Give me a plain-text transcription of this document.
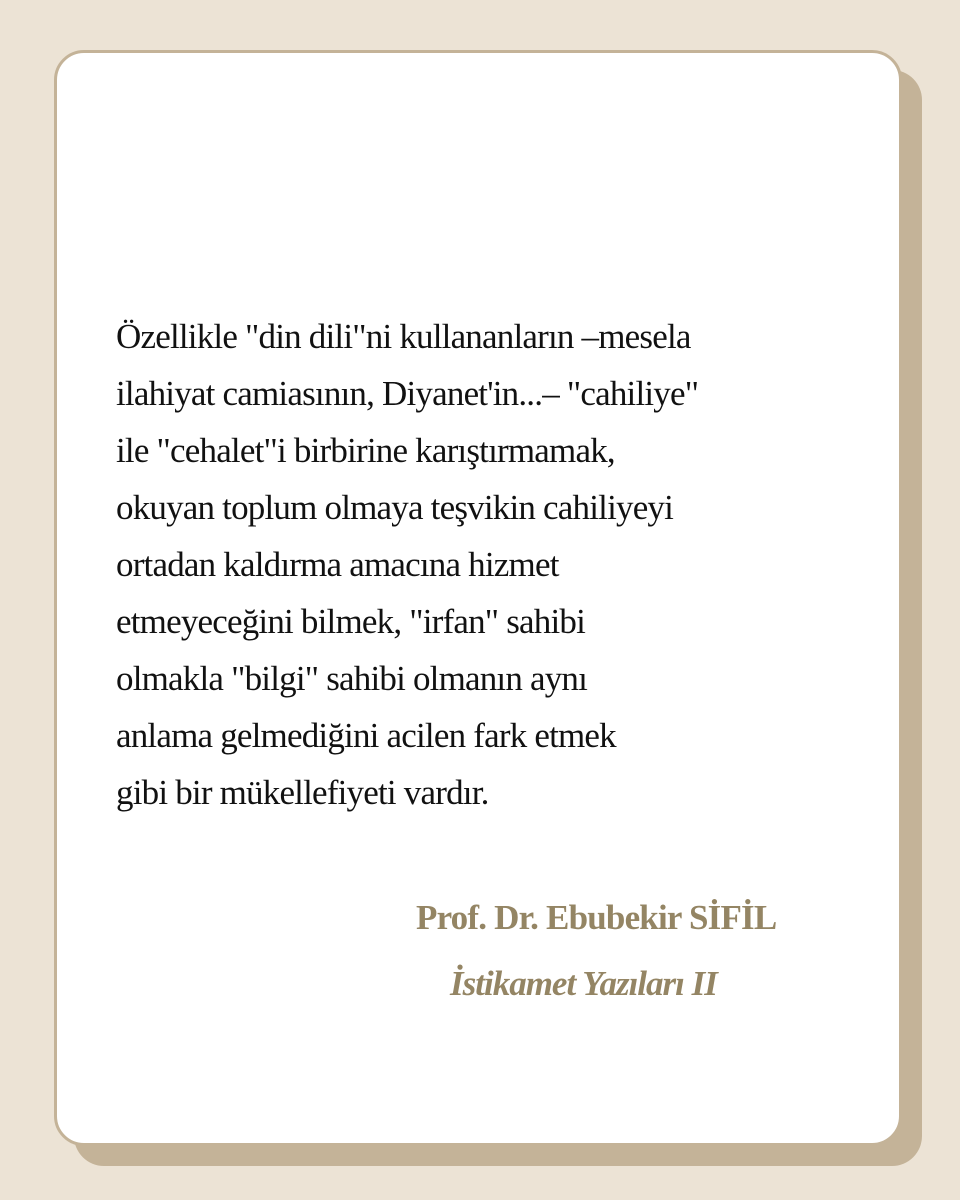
Özellikle "din dili"ni kullananların –mesela
ilahiyat camiasının, Diyanet'in...– "cahiliye"
ile "cehalet"i birbirine karıştırmamak,
okuyan toplum olmaya teşvikin cahiliyeyi
ortadan kaldırma amacına hizmet
etmeyeceğini bilmek, "irfan" sahibi
olmakla "bilgi" sahibi olmanın aynı
anlama gelmediğini acilen fark etmek
gibi bir mükellefiyeti vardır.

Prof. Dr. Ebubekir SİFİL

İstikamet Yazıları II
